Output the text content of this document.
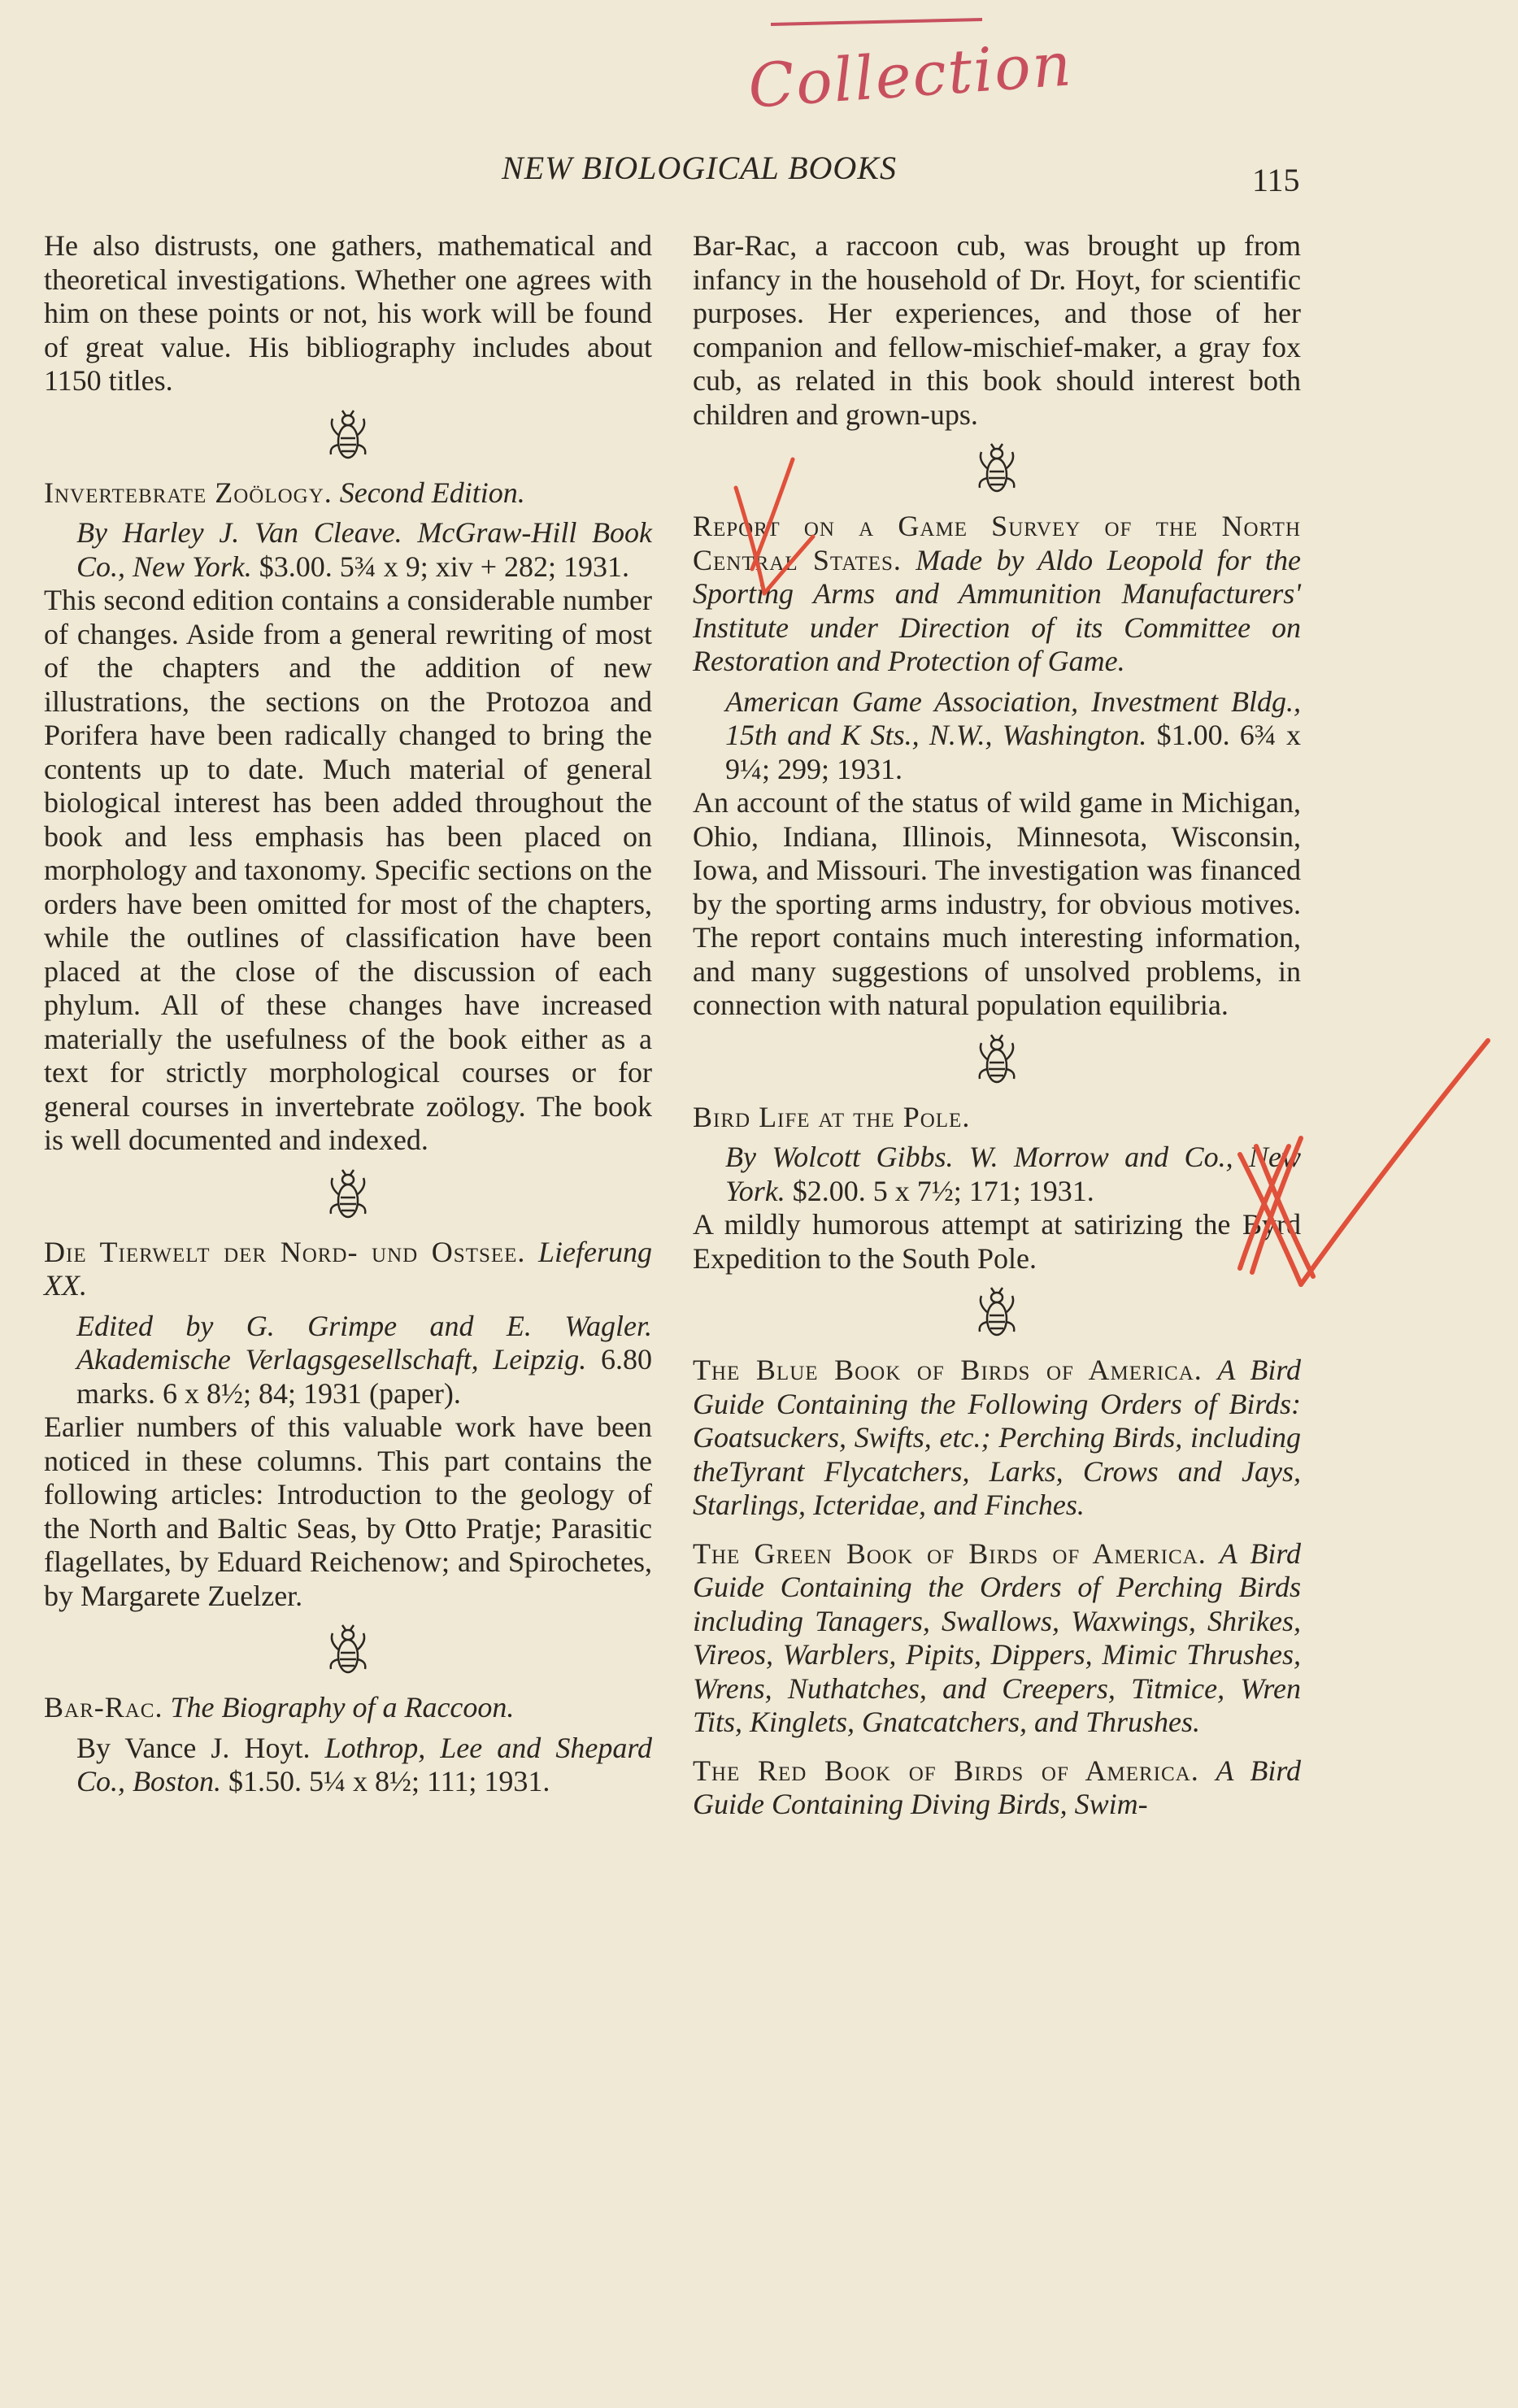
Collection
NEW BIOLOGICAL BOOKS	115

He also distrusts, one gathers, mathematical and theoretical investigations. Whether one agrees with him on these points or not, his work will be found of great value. His bibliography includes about 1150 titles.

Invertebrate Zoölogy. Second Edition.

By Harley J. Van Cleave. McGraw-Hill Book Co., New York. $3.00. 5¾ x 9; xiv + 282; 1931.

This second edition contains a considerable number of changes. Aside from a general rewriting of most of the chapters and the addition of new illustrations, the sections on the Protozoa and Porifera have been radically changed to bring the contents up to date. Much material of general biological interest has been added throughout the book and less emphasis has been placed on morphology and taxonomy. Specific sections on the orders have been omitted for most of the chapters, while the outlines of classification have been placed at the close of the discussion of each phylum. All of these changes have increased materially the usefulness of the book either as a text for strictly morphological courses or for general courses in invertebrate zoölogy. The book is well documented and indexed.

Die Tierwelt der Nord- und Ostsee. Lieferung XX.

Edited by G. Grimpe and E. Wagler. Akademische Verlagsgesellschaft, Leipzig. 6.80 marks. 6 x 8½; 84; 1931 (paper).

Earlier numbers of this valuable work have been noticed in these columns. This part contains the following articles: Introduction to the geology of the North and Baltic Seas, by Otto Pratje; Parasitic flagellates, by Eduard Reichenow; and Spirochetes, by Margarete Zuelzer.

Bar-Rac. The Biography of a Raccoon.

By Vance J. Hoyt. Lothrop, Lee and Shepard Co., Boston. $1.50. 5¼ x 8½; 111; 1931.

Bar-Rac, a raccoon cub, was brought up from infancy in the household of Dr. Hoyt, for scientific purposes. Her experiences, and those of her companion and fellow-mischief-maker, a gray fox cub, as related in this book should interest both children and grown-ups.

Report on a Game Survey of the North Central States. Made by Aldo Leopold for the Sporting Arms and Ammunition Manufacturers' Institute under Direction of its Committee on Restoration and Protection of Game.

American Game Association, Investment Bldg., 15th and K Sts., N.W., Washington. $1.00. 6¾ x 9¼; 299; 1931.

An account of the status of wild game in Michigan, Ohio, Indiana, Illinois, Minnesota, Wisconsin, Iowa, and Missouri. The investigation was financed by the sporting arms industry, for obvious motives. The report contains much interesting information, and many suggestions of unsolved problems, in connection with natural population equilibria.

Bird Life at the Pole.

By Wolcott Gibbs. W. Morrow and Co., New York. $2.00. 5 x 7½; 171; 1931.

A mildly humorous attempt at satirizing the Byrd Expedition to the South Pole.

The Blue Book of Birds of America. A Bird Guide Containing the Following Orders of Birds: Goatsuckers, Swifts, etc.; Perching Birds, including theTyrant Flycatchers, Larks, Crows and Jays, Starlings, Icteridae, and Finches.

The Green Book of Birds of America. A Bird Guide Containing the Orders of Perching Birds including Tanagers, Swallows, Waxwings, Shrikes, Vireos, Warblers, Pipits, Dippers, Mimic Thrushes, Wrens, Nuthatches, and Creepers, Titmice, Wren Tits, Kinglets, Gnatcatchers, and Thrushes.

The Red Book of Birds of America. A Bird Guide Containing Diving Birds, Swim-
